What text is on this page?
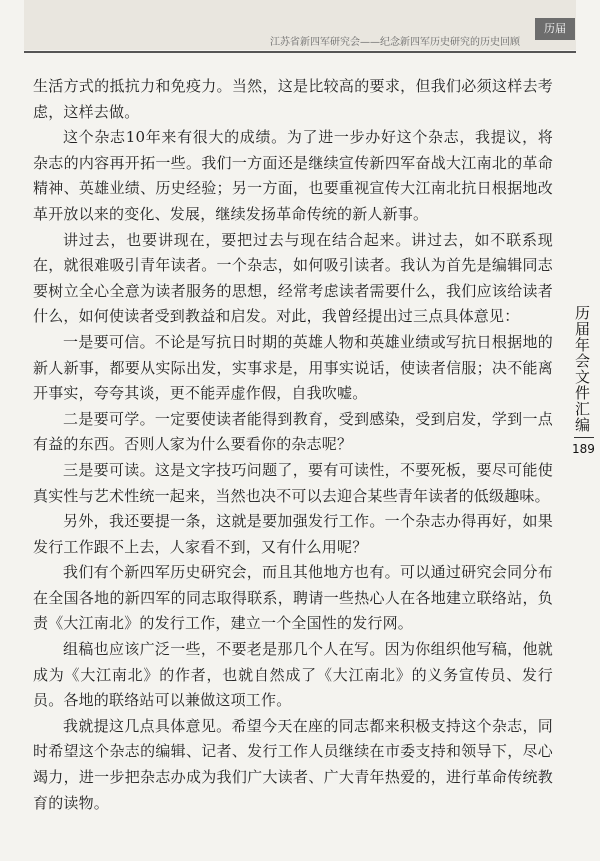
江苏省新四军研究会——纪念新四军历史研究的历史回顾
历届

生活方式的抵抗力和免疫力。当然，这是比较高的要求，但我们必须这样去考虑，这样去做。

这个杂志10年来有很大的成绩。为了进一步办好这个杂志，我提议，将杂志的内容再开拓一些。我们一方面还是继续宣传新四军奋战大江南北的革命精神、英雄业绩、历史经验；另一方面，也要重视宣传大江南北抗日根据地改革开放以来的变化、发展，继续发扬革命传统的新人新事。

讲过去，也要讲现在，要把过去与现在结合起来。讲过去，如不联系现在，就很难吸引青年读者。一个杂志，如何吸引读者。我认为首先是编辑同志要树立全心全意为读者服务的思想，经常考虑读者需要什么，我们应该给读者什么，如何使读者受到教益和启发。对此，我曾经提出过三点具体意见：

一是要可信。不论是写抗日时期的英雄人物和英雄业绩或写抗日根据地的新人新事，都要从实际出发，实事求是，用事实说话，使读者信服；决不能离开事实，夸夸其谈，更不能弄虚作假，自我吹嘘。

二是要可学。一定要使读者能得到教育，受到感染，受到启发，学到一点有益的东西。否则人家为什么要看你的杂志呢？

三是要可读。这是文字技巧问题了，要有可读性，不要死板，要尽可能使真实性与艺术性统一起来，当然也决不可以去迎合某些青年读者的低级趣味。

另外，我还要提一条，这就是要加强发行工作。一个杂志办得再好，如果发行工作跟不上去，人家看不到，又有什么用呢？

我们有个新四军历史研究会，而且其他地方也有。可以通过研究会同分布在全国各地的新四军的同志取得联系，聘请一些热心人在各地建立联络站，负责《大江南北》的发行工作，建立一个全国性的发行网。

组稿也应该广泛一些，不要老是那几个人在写。因为你组织他写稿，他就成为《大江南北》的作者，也就自然成了《大江南北》的义务宣传员、发行员。各地的联络站可以兼做这项工作。

我就提这几点具体意见。希望今天在座的同志都来积极支持这个杂志，同时希望这个杂志的编辑、记者、发行工作人员继续在市委支持和领导下，尽心竭力，进一步把杂志办成为我们广大读者、广大青年热爱的，进行革命传统教育的读物。

历届年会文件汇编
189
